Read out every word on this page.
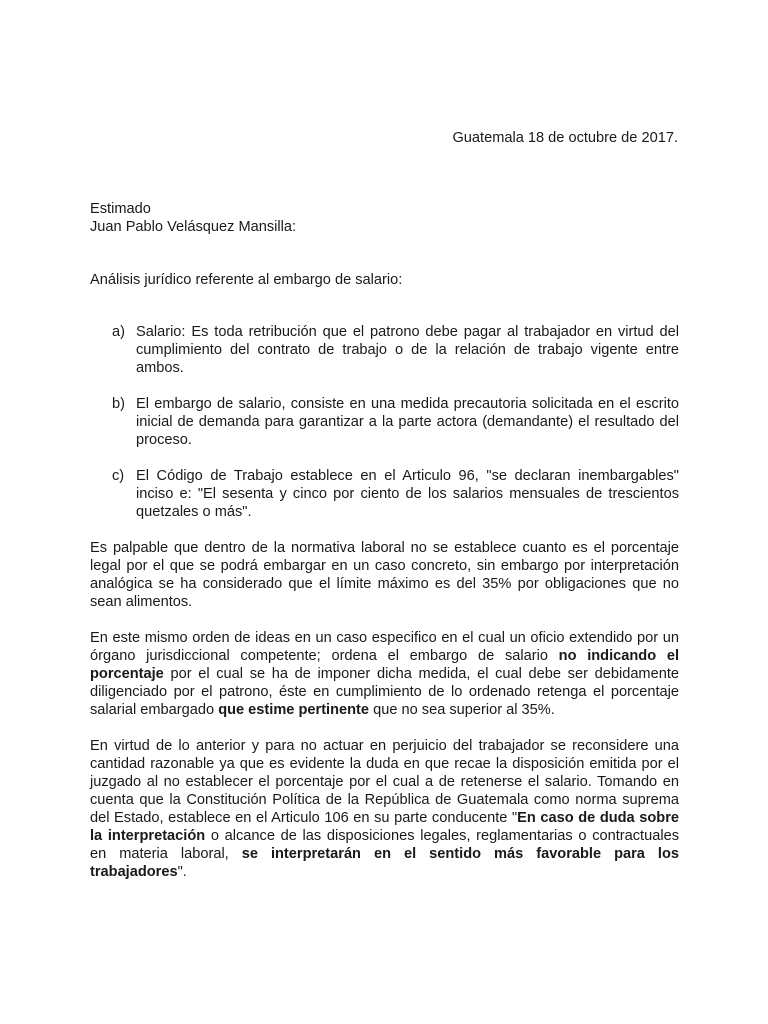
Guatemala 18 de octubre de 2017.
Estimado
Juan Pablo Velásquez Mansilla:
Análisis jurídico referente al embargo de salario:
a) Salario: Es toda retribución que el patrono debe pagar al trabajador en virtud del cumplimiento del contrato de trabajo o de la relación de trabajo vigente entre ambos.
b) El embargo de salario, consiste en una medida precautoria solicitada en el escrito inicial de demanda para garantizar a la parte actora (demandante) el resultado del proceso.
c) El Código de Trabajo establece en el Articulo 96, "se declaran inembargables" inciso e: "El sesenta y cinco por ciento de los salarios mensuales de trescientos quetzales o más".
Es palpable que dentro de la normativa laboral no se establece cuanto es el porcentaje legal por el que se podrá embargar en un caso concreto, sin embargo por interpretación analógica se ha considerado que el límite máximo es del 35% por obligaciones que no sean alimentos.
En este mismo orden de ideas en un caso especifico en el cual un oficio extendido por un órgano jurisdiccional competente; ordena el embargo de salario no indicando el porcentaje por el cual se ha de imponer dicha medida, el cual debe ser debidamente diligenciado por el patrono, éste en cumplimiento de lo ordenado retenga el porcentaje salarial embargado que estime pertinente que no sea superior al 35%.
En virtud de lo anterior y para no actuar en perjuicio del trabajador se reconsidere una cantidad razonable ya que es evidente la duda en que recae la disposición emitida por el juzgado al no establecer el porcentaje por el cual a de retenerse el salario. Tomando en cuenta que la Constitución Política de la República de Guatemala como norma suprema del Estado, establece en el Articulo 106 en su parte conducente "En caso de duda sobre la interpretación o alcance de las disposiciones legales, reglamentarias o contractuales en materia laboral, se interpretarán en el sentido más favorable para los trabajadores".
